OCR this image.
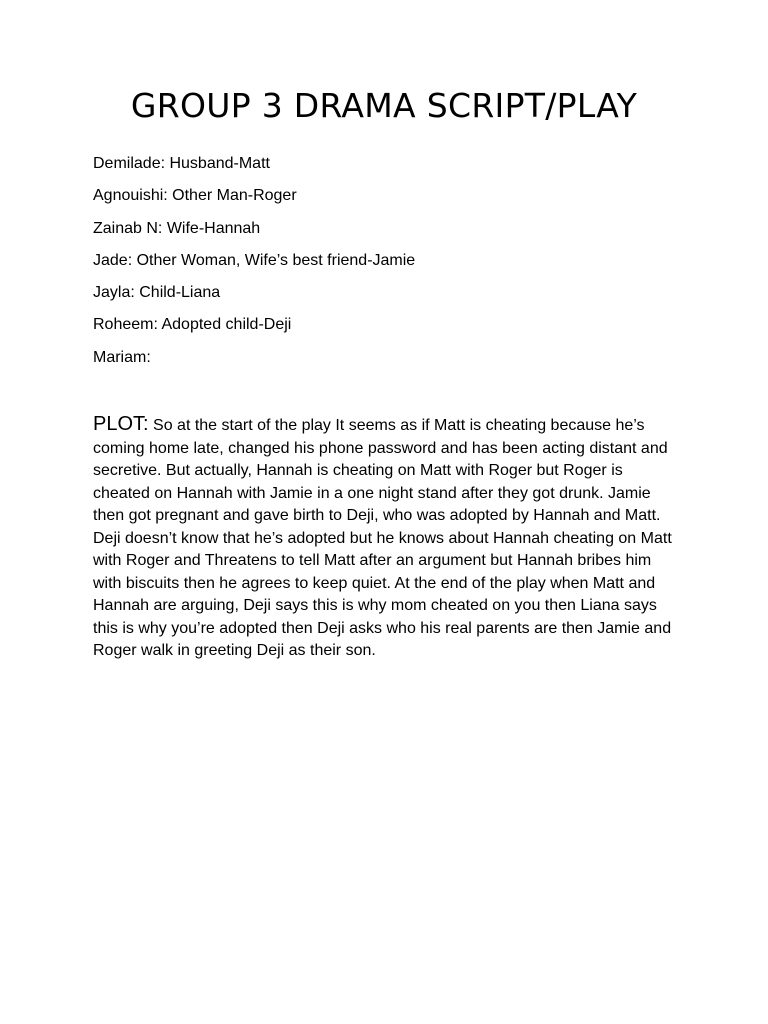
GROUP 3 DRAMA SCRIPT/PLAY
Demilade: Husband-Matt
Agnouishi: Other Man-Roger
Zainab N: Wife-Hannah
Jade: Other Woman, Wife’s best friend-Jamie
Jayla: Child-Liana
Roheem: Adopted child-Deji
Mariam:

PLOT: So at the start of the play It seems as if Matt is cheating because he’s coming home late, changed his phone password and has been acting distant and secretive. But actually, Hannah is cheating on Matt with Roger but Roger is cheated on Hannah with Jamie in a one night stand after they got drunk. Jamie then got pregnant and gave birth to Deji, who was adopted by Hannah and Matt. Deji doesn’t know that he’s adopted but he knows about Hannah cheating on Matt with Roger and Threatens to tell Matt after an argument but Hannah bribes him with biscuits then he agrees to keep quiet. At the end of the play when Matt and Hannah are arguing, Deji says this is why mom cheated on you then Liana says this is why you’re adopted then Deji asks who his real parents are then Jamie and Roger walk in greeting Deji as their son.
